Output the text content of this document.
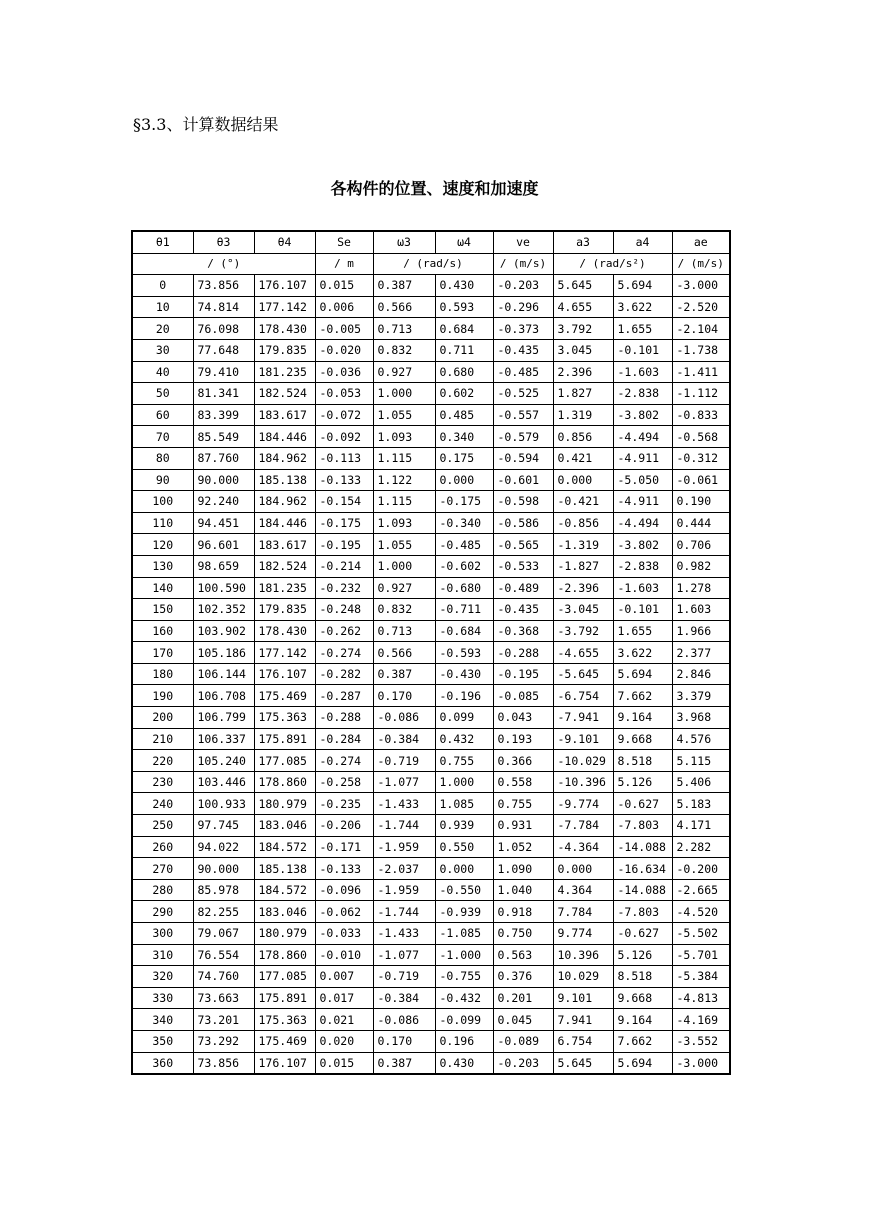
§3.3、计算数据结果
各构件的位置、速度和加速度
θ1	θ3	θ4	Se	ω3	ω4	ve	a3	a4	ae
/ (°)			/ m	/ (rad/s)		/ (m/s)	/ (rad/s²)		/ (m/s)
0	73.856	176.107	0.015	0.387	0.430	-0.203	5.645	5.694	-3.000
10	74.814	177.142	0.006	0.566	0.593	-0.296	4.655	3.622	-2.520
20	76.098	178.430	-0.005	0.713	0.684	-0.373	3.792	1.655	-2.104
30	77.648	179.835	-0.020	0.832	0.711	-0.435	3.045	-0.101	-1.738
40	79.410	181.235	-0.036	0.927	0.680	-0.485	2.396	-1.603	-1.411
50	81.341	182.524	-0.053	1.000	0.602	-0.525	1.827	-2.838	-1.112
60	83.399	183.617	-0.072	1.055	0.485	-0.557	1.319	-3.802	-0.833
70	85.549	184.446	-0.092	1.093	0.340	-0.579	0.856	-4.494	-0.568
80	87.760	184.962	-0.113	1.115	0.175	-0.594	0.421	-4.911	-0.312
90	90.000	185.138	-0.133	1.122	0.000	-0.601	0.000	-5.050	-0.061
100	92.240	184.962	-0.154	1.115	-0.175	-0.598	-0.421	-4.911	0.190
110	94.451	184.446	-0.175	1.093	-0.340	-0.586	-0.856	-4.494	0.444
120	96.601	183.617	-0.195	1.055	-0.485	-0.565	-1.319	-3.802	0.706
130	98.659	182.524	-0.214	1.000	-0.602	-0.533	-1.827	-2.838	0.982
140	100.590	181.235	-0.232	0.927	-0.680	-0.489	-2.396	-1.603	1.278
150	102.352	179.835	-0.248	0.832	-0.711	-0.435	-3.045	-0.101	1.603
160	103.902	178.430	-0.262	0.713	-0.684	-0.368	-3.792	1.655	1.966
170	105.186	177.142	-0.274	0.566	-0.593	-0.288	-4.655	3.622	2.377
180	106.144	176.107	-0.282	0.387	-0.430	-0.195	-5.645	5.694	2.846
190	106.708	175.469	-0.287	0.170	-0.196	-0.085	-6.754	7.662	3.379
200	106.799	175.363	-0.288	-0.086	0.099	0.043	-7.941	9.164	3.968
210	106.337	175.891	-0.284	-0.384	0.432	0.193	-9.101	9.668	4.576
220	105.240	177.085	-0.274	-0.719	0.755	0.366	-10.029	8.518	5.115
230	103.446	178.860	-0.258	-1.077	1.000	0.558	-10.396	5.126	5.406
240	100.933	180.979	-0.235	-1.433	1.085	0.755	-9.774	-0.627	5.183
250	97.745	183.046	-0.206	-1.744	0.939	0.931	-7.784	-7.803	4.171
260	94.022	184.572	-0.171	-1.959	0.550	1.052	-4.364	-14.088	2.282
270	90.000	185.138	-0.133	-2.037	0.000	1.090	0.000	-16.634	-0.200
280	85.978	184.572	-0.096	-1.959	-0.550	1.040	4.364	-14.088	-2.665
290	82.255	183.046	-0.062	-1.744	-0.939	0.918	7.784	-7.803	-4.520
300	79.067	180.979	-0.033	-1.433	-1.085	0.750	9.774	-0.627	-5.502
310	76.554	178.860	-0.010	-1.077	-1.000	0.563	10.396	5.126	-5.701
320	74.760	177.085	0.007	-0.719	-0.755	0.376	10.029	8.518	-5.384
330	73.663	175.891	0.017	-0.384	-0.432	0.201	9.101	9.668	-4.813
340	73.201	175.363	0.021	-0.086	-0.099	0.045	7.941	9.164	-4.169
350	73.292	175.469	0.020	0.170	0.196	-0.089	6.754	7.662	-3.552
360	73.856	176.107	0.015	0.387	0.430	-0.203	5.645	5.694	-3.000
